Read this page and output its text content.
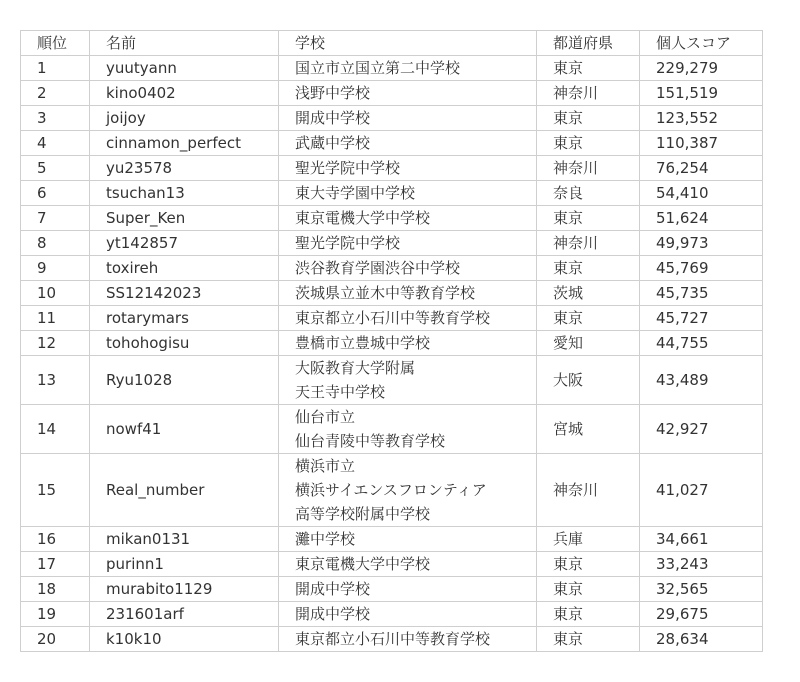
順位	名前	学校	都道府県	個人スコア
1	yuutyann	国立市立国立第二中学校	東京	229,279
2	kino0402	浅野中学校	神奈川	151,519
3	joijoy	開成中学校	東京	123,552
4	cinnamon_perfect	武蔵中学校	東京	110,387
5	yu23578	聖光学院中学校	神奈川	76,254
6	tsuchan13	東大寺学園中学校	奈良	54,410
7	Super_Ken	東京電機大学中学校	東京	51,624
8	yt142857	聖光学院中学校	神奈川	49,973
9	toxireh	渋谷教育学園渋谷中学校	東京	45,769
10	SS12142023	茨城県立並木中等教育学校	茨城	45,735
11	rotarymars	東京都立小石川中等教育学校	東京	45,727
12	tohohogisu	豊橋市立豊城中学校	愛知	44,755
13	Ryu1028	大阪教育大学附属
天王寺中学校	大阪	43,489
14	nowf41	仙台市立
仙台青陵中等教育学校	宮城	42,927
15	Real_number	横浜市立
横浜サイエンスフロンティア
高等学校附属中学校	神奈川	41,027
16	mikan0131	灘中学校	兵庫	34,661
17	purinn1	東京電機大学中学校	東京	33,243
18	murabito1129	開成中学校	東京	32,565
19	231601arf	開成中学校	東京	29,675
20	k10k10	東京都立小石川中等教育学校	東京	28,634
